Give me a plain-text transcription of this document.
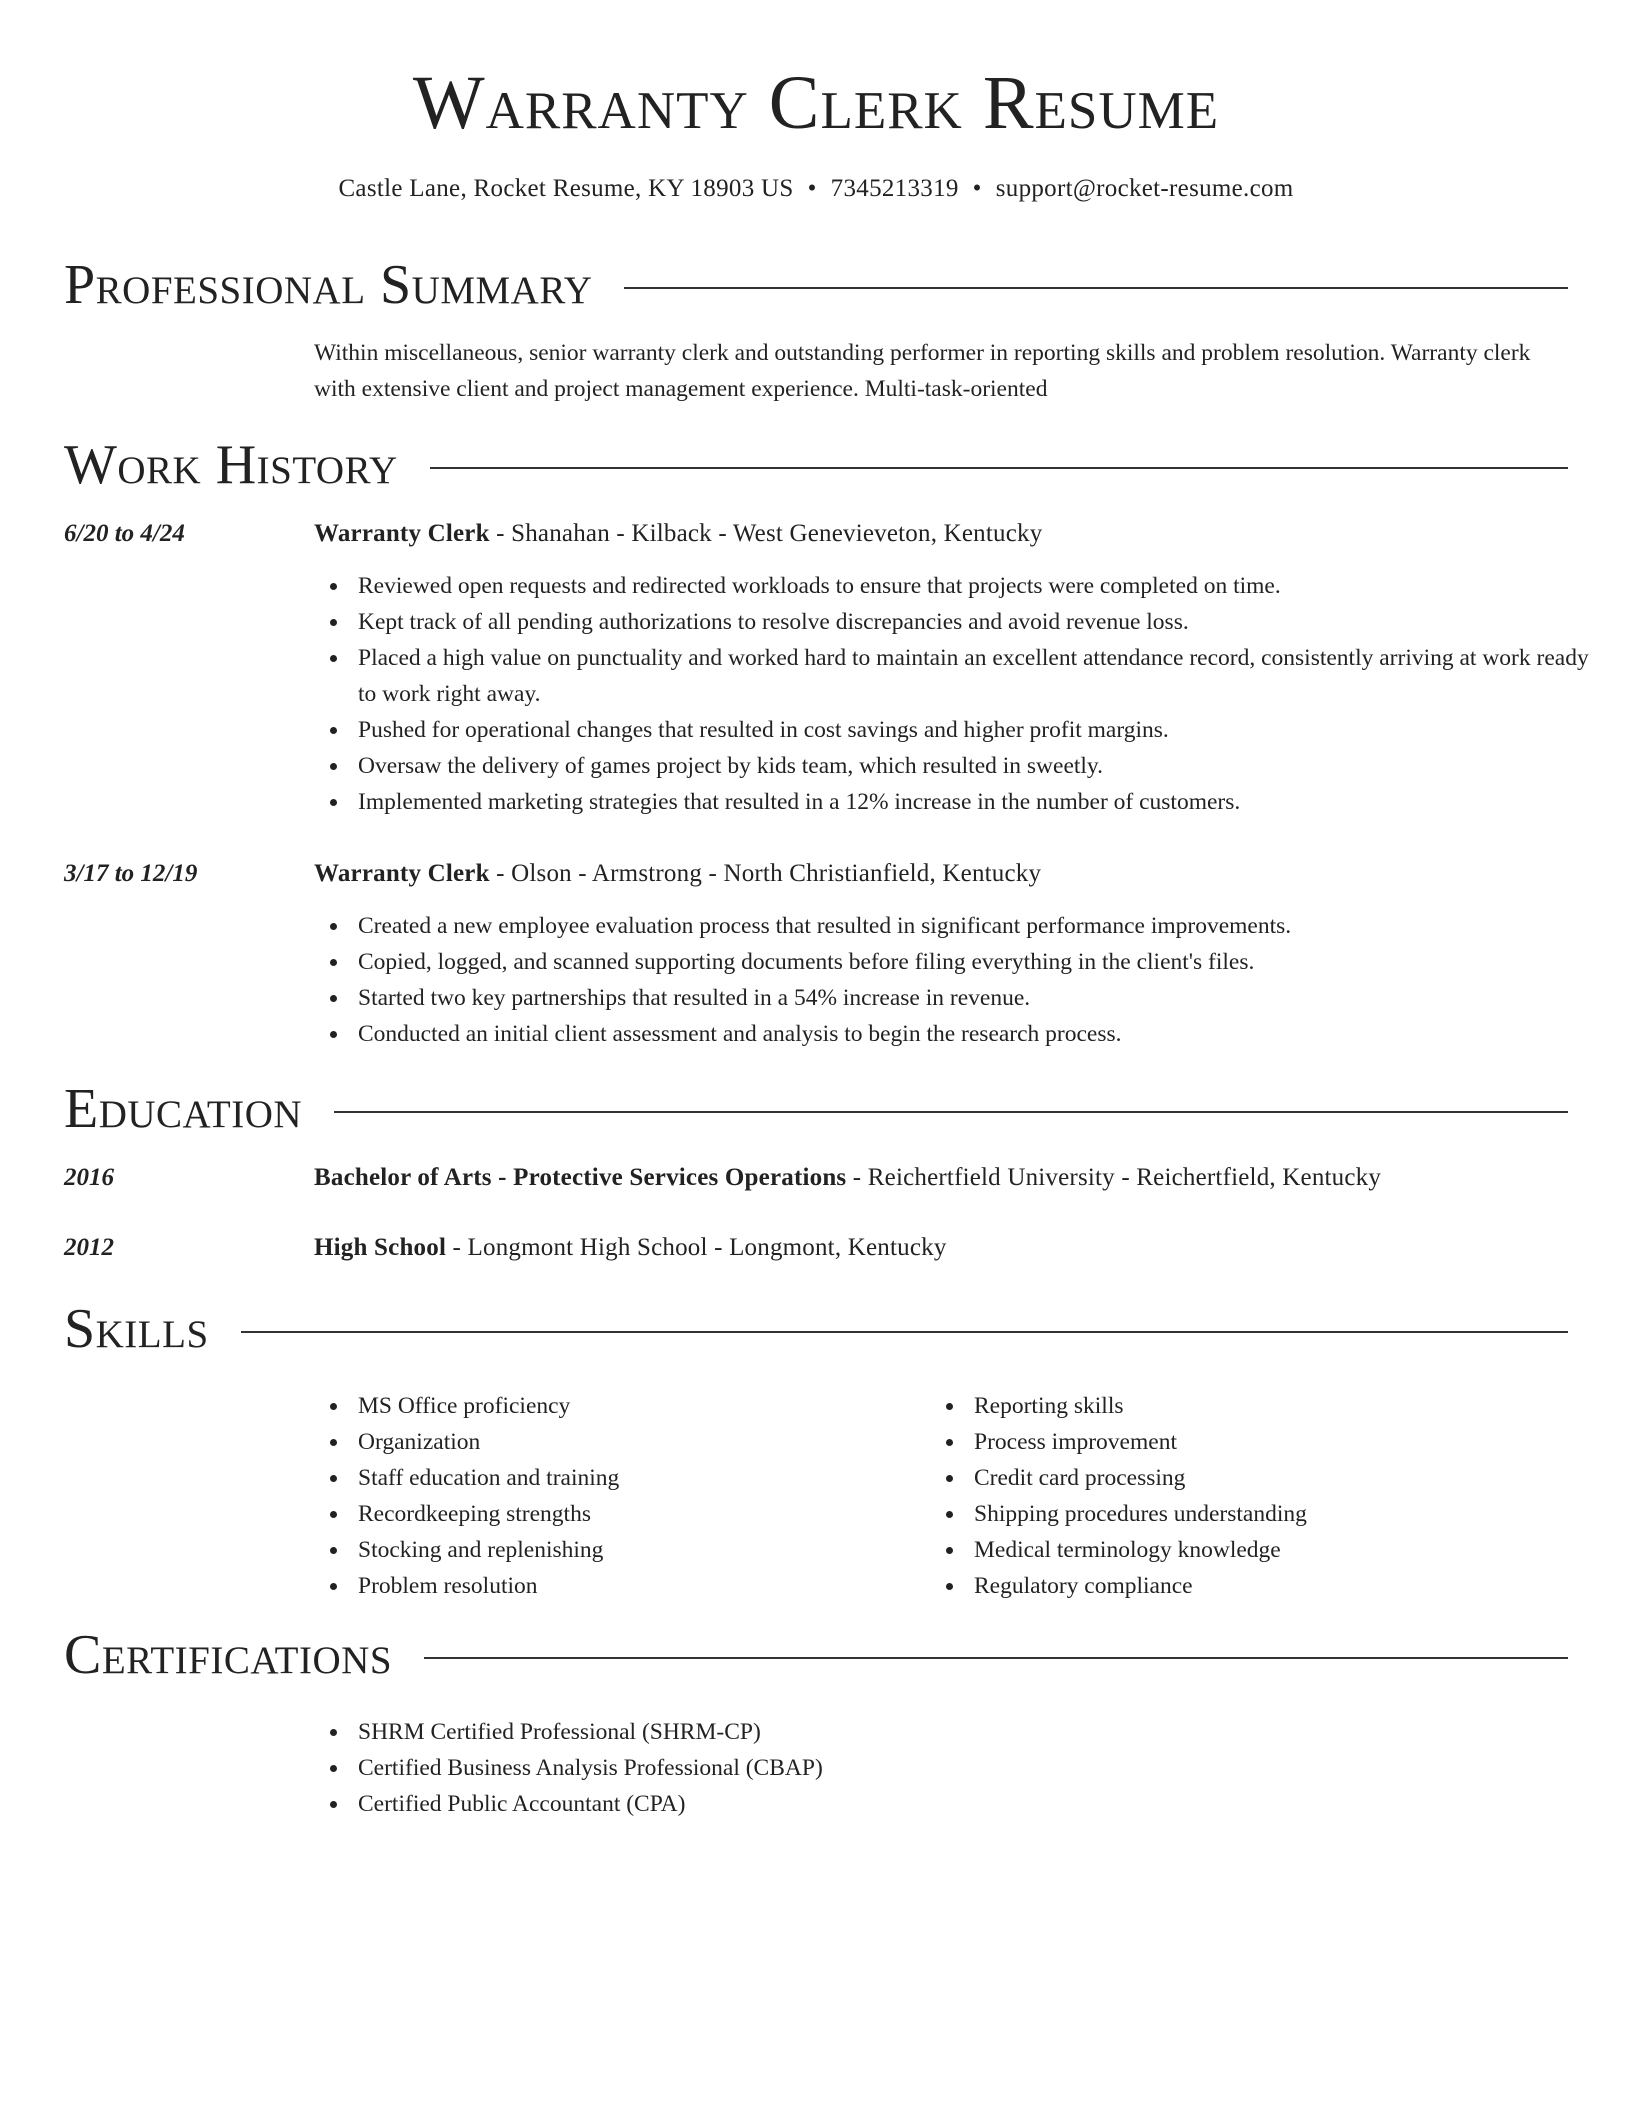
Warranty Clerk Resume
Castle Lane, Rocket Resume, KY 18903 US • 7345213319 • support@rocket-resume.com
Professional Summary
Within miscellaneous, senior warranty clerk and outstanding performer in reporting skills and problem resolution. Warranty clerk with extensive client and project management experience. Multi-task-oriented
Work History
6/20 to 4/24	Warranty Clerk - Shanahan - Kilback - West Genevieveton, Kentucky
Reviewed open requests and redirected workloads to ensure that projects were completed on time.
Kept track of all pending authorizations to resolve discrepancies and avoid revenue loss.
Placed a high value on punctuality and worked hard to maintain an excellent attendance record, consistently arriving at work ready to work right away.
Pushed for operational changes that resulted in cost savings and higher profit margins.
Oversaw the delivery of games project by kids team, which resulted in sweetly.
Implemented marketing strategies that resulted in a 12% increase in the number of customers.
3/17 to 12/19	Warranty Clerk - Olson - Armstrong - North Christianfield, Kentucky
Created a new employee evaluation process that resulted in significant performance improvements.
Copied, logged, and scanned supporting documents before filing everything in the client's files.
Started two key partnerships that resulted in a 54% increase in revenue.
Conducted an initial client assessment and analysis to begin the research process.
Education
2016	Bachelor of Arts - Protective Services Operations - Reichertfield University - Reichertfield, Kentucky
2012	High School - Longmont High School - Longmont, Kentucky
Skills
MS Office proficiency
Organization
Staff education and training
Recordkeeping strengths
Stocking and replenishing
Problem resolution
Reporting skills
Process improvement
Credit card processing
Shipping procedures understanding
Medical terminology knowledge
Regulatory compliance
Certifications
SHRM Certified Professional (SHRM-CP)
Certified Business Analysis Professional (CBAP)
Certified Public Accountant (CPA)
